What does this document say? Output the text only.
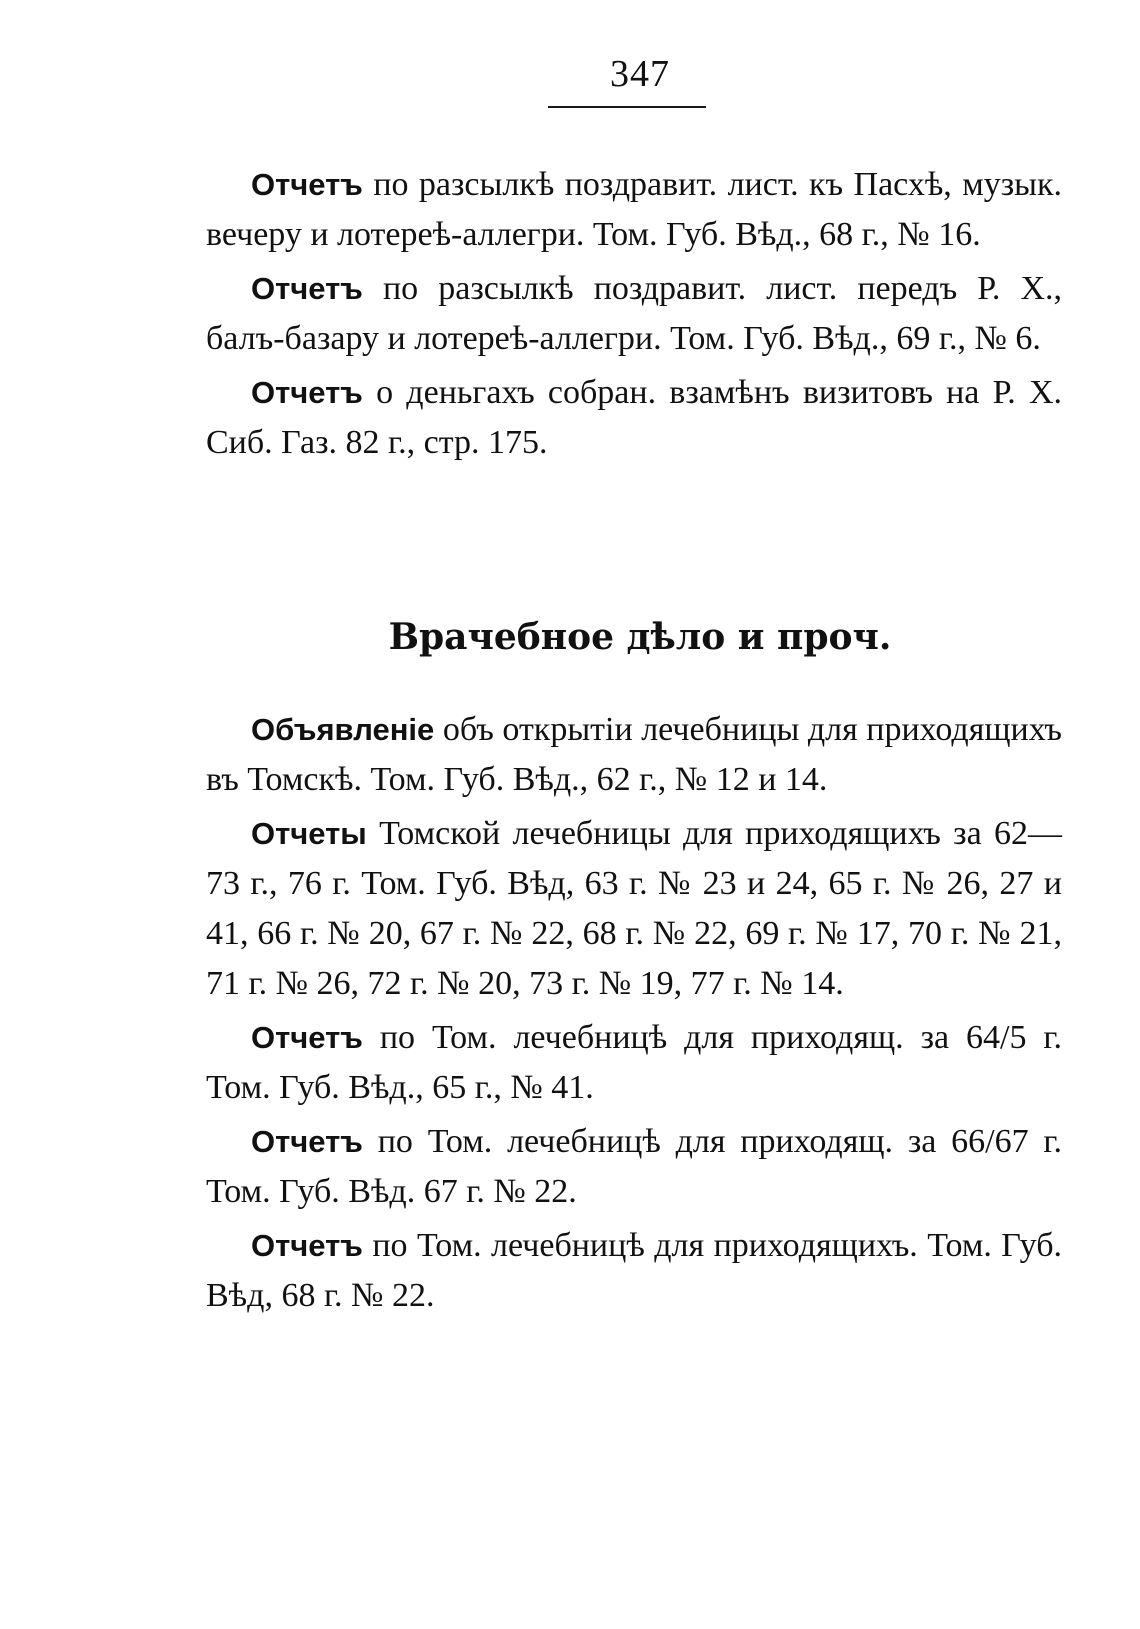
347

Отчетъ по разсылкѣ поздравит. лист. къ Пасхѣ, музык. вечеру и лотереѣ-аллегри. Том. Губ. Вѣд., 68 г., № 16.

Отчетъ по разсылкѣ поздравит. лист. передъ Р. Х., балъ-базару и лотереѣ-аллегри. Том. Губ. Вѣд., 69 г., № 6.

Отчетъ о деньгахъ собран. взамѣнъ визитовъ на Р. Х. Сиб. Газ. 82 г., стр. 175.

Врачебное дѣло и проч.

Объявленіе объ открытіи лечебницы для приходящихъ въ Томскѣ. Том. Губ. Вѣд., 62 г., № 12 и 14.

Отчеты Томской лечебницы для приходящихъ за 62—73 г., 76 г. Том. Губ. Вѣд, 63 г. № 23 и 24, 65 г. № 26, 27 и 41, 66 г. № 20, 67 г. № 22, 68 г. № 22, 69 г. № 17, 70 г. № 21, 71 г. № 26, 72 г. № 20, 73 г. № 19, 77 г. № 14.

Отчетъ по Том. лечебницѣ для приходящ. за 64/5 г. Том. Губ. Вѣд., 65 г., № 41.

Отчетъ по Том. лечебницѣ для приходящ. за 66/67 г. Том. Губ. Вѣд. 67 г. № 22.

Отчетъ по Том. лечебницѣ для приходящихъ. Том. Губ. Вѣд, 68 г. № 22.
